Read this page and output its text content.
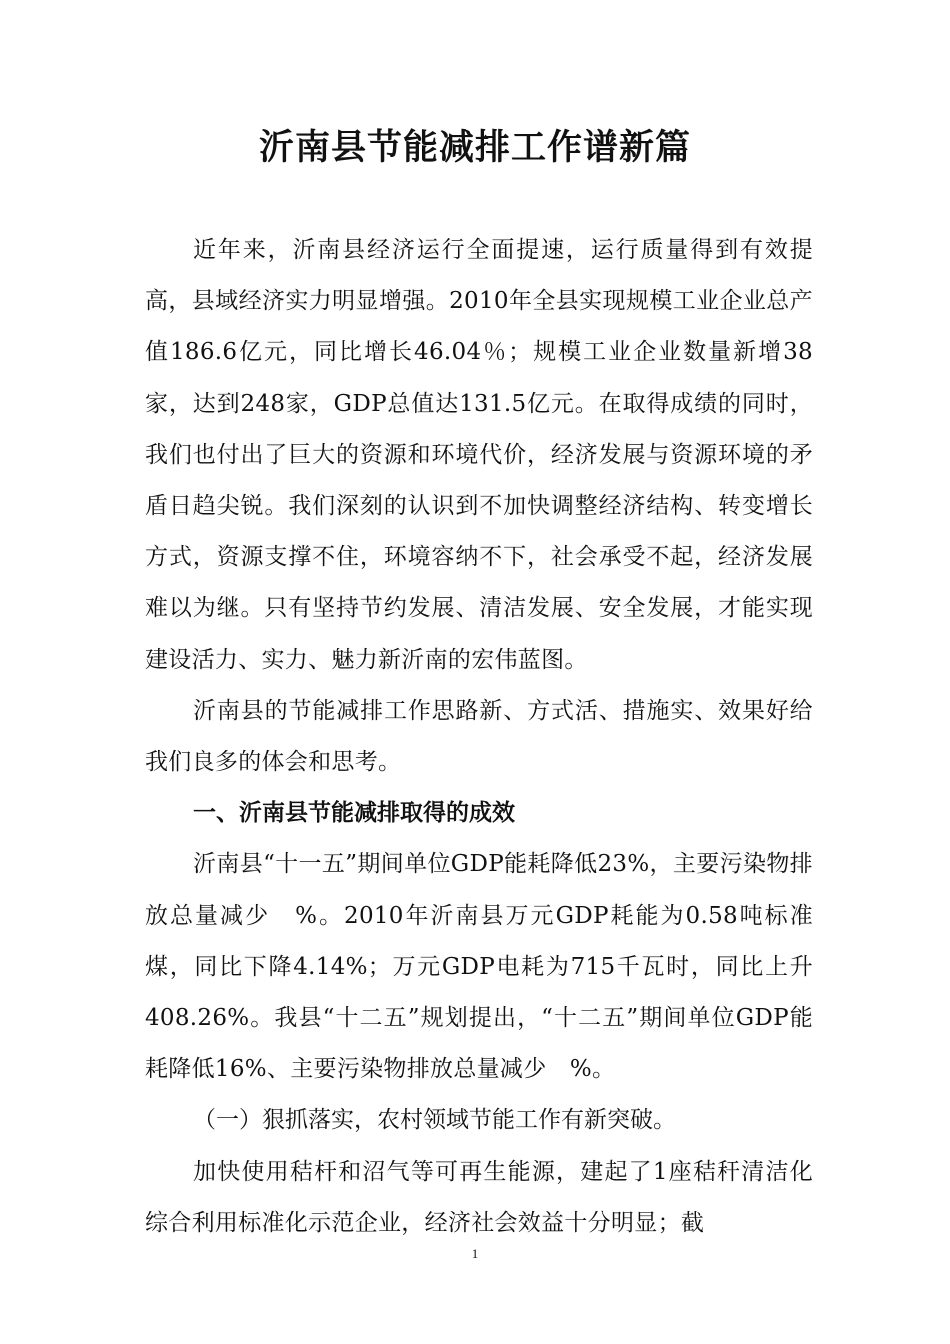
沂南县节能减排工作谱新篇

近年来，沂南县经济运行全面提速，运行质量得到有效提高，县域经济实力明显增强。2010年全县实现规模工业企业总产值186.6亿元，同比增长46.04％；规模工业企业数量新增38家，达到248家，GDP总值达131.5亿元。在取得成绩的同时，我们也付出了巨大的资源和环境代价，经济发展与资源环境的矛盾日趋尖锐。我们深刻的认识到不加快调整经济结构、转变增长方式，资源支撑不住，环境容纳不下，社会承受不起，经济发展难以为继。只有坚持节约发展、清洁发展、安全发展，才能实现建设活力、实力、魅力新沂南的宏伟蓝图。

沂南县的节能减排工作思路新、方式活、措施实、效果好给我们良多的体会和思考。

一、沂南县节能减排取得的成效

沂南县“十一五”期间单位GDP能耗降低23%，主要污染物排放总量减少　%。2010年沂南县万元GDP耗能为0.58吨标准煤，同比下降4.14%；万元GDP电耗为715千瓦时，同比上升408.26%。我县“十二五”规划提出，“十二五”期间单位GDP能耗降低16%、主要污染物排放总量减少　%。

（一）狠抓落实，农村领域节能工作有新突破。

加快使用秸杆和沼气等可再生能源，建起了1座秸秆清洁化综合利用标准化示范企业，经济社会效益十分明显；截

1
